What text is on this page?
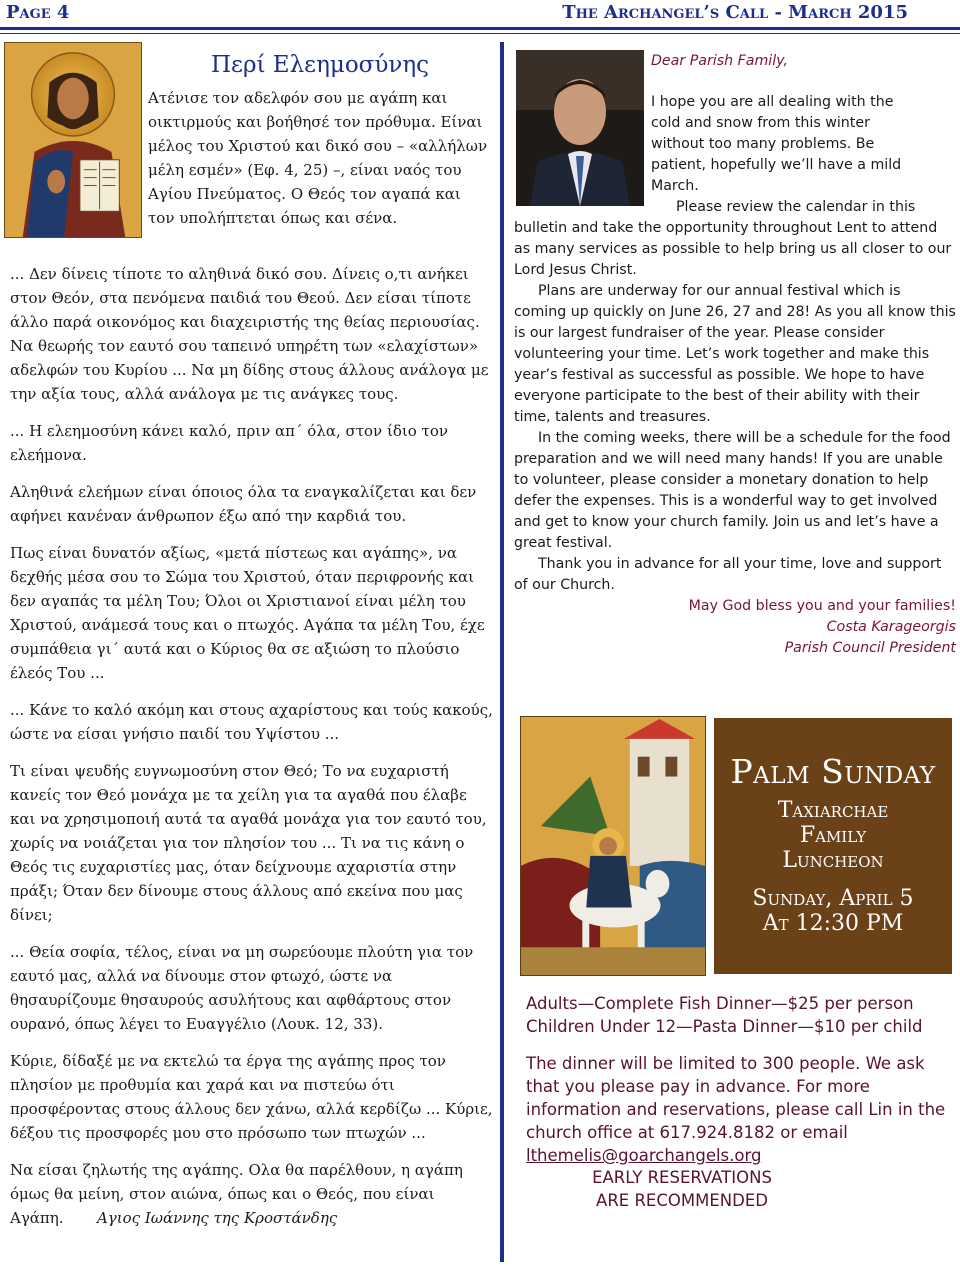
Page 4	The Archangel’s Call - March 2015
Περί Ελεημοσύνης
Ατένισε τον αδελφόν σου με αγάπη και οικτιρμούς και βοήθησέ τον πρόθυμα. Είναι μέλος του Χριστού και δικό σου – «αλλήλων μέλη εσμέν» (Εφ. 4, 25) –, είναι ναός του Αγίου Πνεύματος. Ο Θεός τον αγαπά και τον υπολήπτεται όπως και σένα.

... Δεν δίνεις τίποτε το αληθινά δικό σου. Δίνεις ο,τι ανήκει στον Θεόν, στα πενόμενα παιδιά του Θεού. Δεν είσαι τίποτε άλλο παρά οικονόμος και διαχειριστής της θείας περιουσίας. Να θεωρής τον εαυτό σου ταπεινό υπηρέτη των «ελαχίστων» αδελφών του Κυρίου ... Να μη δίδης στους άλλους ανάλογα με την αξία τους, αλλά ανάλογα με τις ανάγκες τους.

... Η ελεημοσύνη κάνει καλό, πριν απ΄ όλα, στον ίδιο τον ελεήμονα.

Αληθινά ελεήμων είναι όποιος όλα τα εναγκαλίζεται και δεν αφήνει κανέναν άνθρωπον έξω από την καρδιά του.

Πως είναι δυνατόν αξίως, «μετά πίστεως και αγάπης», να δεχθής μέσα σου το Σώμα του Χριστού, όταν περιφρονής και δεν αγαπάς τα μέλη Του; Όλοι οι Χριστιανοί είναι μέλη του Χριστού, ανάμεσά τους και ο πτωχός. Αγάπα τα μέλη Του, έχε συμπάθεια γι΄ αυτά και ο Κύριος θα σε αξιώση το πλούσιο έλεός Του ...

... Κάνε το καλό ακόμη και στους αχαρίστους και τούς κακούς, ώστε να είσαι γνήσιο παιδί του Υψίστου ...

Τι είναι ψευδής ευγνωμοσύνη στον Θεό; Το να ευχαριστή κανείς τον Θεό μονάχα με τα χείλη για τα αγαθά που έλαβε και να χρησιμοποιή αυτά τα αγαθά μονάχα για τον εαυτό του, χωρίς να νοιάζεται για τον πλησίον του ... Τι να τις κάνη ο Θεός τις ευχαριστίες μας, όταν δείχνουμε αχαριστία στην πράξι; Όταν δεν δίνουμε στους άλλους από εκείνα που μας δίνει;

... Θεία σοφία, τέλος, είναι να μη σωρεύουμε πλούτη για τον εαυτό μας, αλλά να δίνουμε στον φτωχό, ώστε να θησαυρίζουμε θησαυρούς ασυλήτους και αφθάρτους στον ουρανό, όπως λέγει το Ευαγγέλιο (Λουκ. 12, 33).

Κύριε, δίδαξέ με να εκτελώ τα έργα της αγάπης προς τον πλησίον με προθυμία και χαρά και να πιστεύω ότι προσφέροντας στους άλλους δεν χάνω, αλλά κερδίζω ... Κύριε, δέξου τις προσφορές μου στο πρόσωπο των πτωχών ...

Να είσαι ζηλωτής της αγάπης. Ολα θα παρέλθουν, η αγάπη όμως θα μείνη, στον αιώνα, όπως και ο Θεός, που είναι Αγάπη. Αγιος Ιωάννης της Κροστάνδης

Dear Parish Family,
I hope you are all dealing with the
cold and snow from this winter
without too many problems. Be
patient, hopefully we’ll have a mild
March.
Please review the calendar in this
bulletin and take the opportunity throughout Lent to attend as many services as possible to help bring us all closer to our Lord Jesus Christ.
Plans are underway for our annual festival which is coming up quickly on June 26, 27 and 28! As you all know this is our largest fundraiser of the year. Please consider volunteering your time. Let’s work together and make this year’s festival as successful as possible. We hope to have everyone participate to the best of their ability with their time, talents and treasures.
In the coming weeks, there will be a schedule for the food preparation and we will need many hands! If you are unable to volunteer, please consider a monetary donation to help defer the expenses. This is a wonderful way to get involved and get to know your church family. Join us and let’s have a great festival.
Thank you in advance for all your time, love and support of our Church.
May God bless you and your families!
Costa Karageorgis
Parish Council President
Palm Sunday
Taxiarchae
Family
Luncheon
Sunday, April 5
At 12:30 PM
Adults—Complete Fish Dinner—$25 per person
Children Under 12—Pasta Dinner—$10 per child
The dinner will be limited to 300 people. We ask that you please pay in advance. For more information and reservations, please call Lin in the church office at 617.924.8182 or email
lthemelis@goarchangels.org
EARLY RESERVATIONS
ARE RECOMMENDED
